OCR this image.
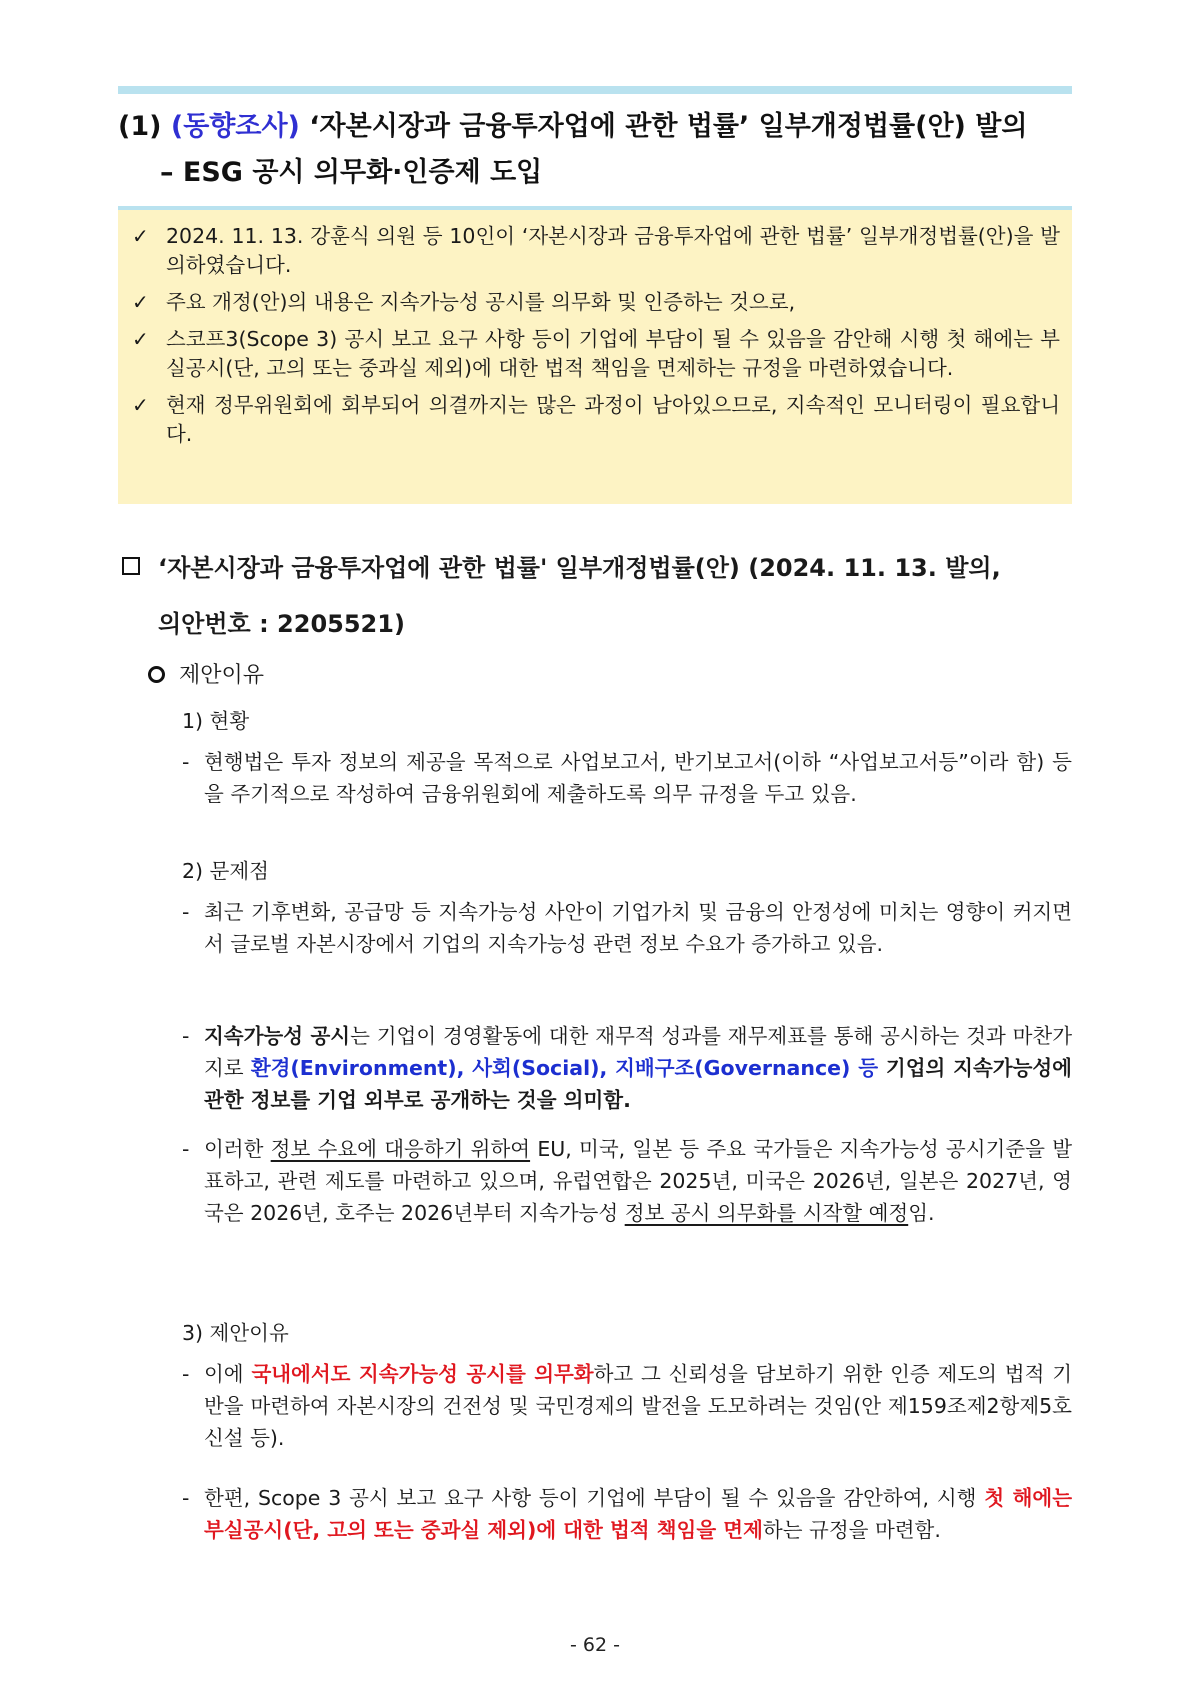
(1) (동향조사) ‘자본시장과 금융투자업에 관한 법률’ 일부개정법률(안) 발의
– ESG 공시 의무화·인증제 도입
✓ 2024. 11. 13. 강훈식 의원 등 10인이 ‘자본시장과 금융투자업에 관한 법률’ 일부개정법률(안)을 발의하였습니다.
✓ 주요 개정(안)의 내용은 지속가능성 공시를 의무화 및 인증하는 것으로,
✓ 스코프3(Scope 3) 공시 보고 요구 사항 등이 기업에 부담이 될 수 있음을 감안해 시행 첫 해에는 부실공시(단, 고의 또는 중과실 제외)에 대한 법적 책임을 면제하는 규정을 마련하였습니다.
✓ 현재 정무위원회에 회부되어 의결까지는 많은 과정이 남아있으므로, 지속적인 모니터링이 필요합니다.
‘자본시장과 금융투자업에 관한 법률' 일부개정법률(안) (2024. 11. 13. 발의,
의안번호 : 2205521)
제안이유
1) 현황
- 현행법은 투자 정보의 제공을 목적으로 사업보고서, 반기보고서(이하 “사업보고서등”이라 함) 등을 주기적으로 작성하여 금융위원회에 제출하도록 의무 규정을 두고 있음.
2) 문제점
- 최근 기후변화, 공급망 등 지속가능성 사안이 기업가치 및 금융의 안정성에 미치는 영향이 커지면서 글로벌 자본시장에서 기업의 지속가능성 관련 정보 수요가 증가하고 있음.
- 지속가능성 공시는 기업이 경영활동에 대한 재무적 성과를 재무제표를 통해 공시하는 것과 마찬가지로 환경(Environment), 사회(Social), 지배구조(Governance) 등 기업의 지속가능성에 관한 정보를 기업 외부로 공개하는 것을 의미함.
- 이러한 정보 수요에 대응하기 위하여 EU, 미국, 일본 등 주요 국가들은 지속가능성 공시기준을 발표하고, 관련 제도를 마련하고 있으며, 유럽연합은 2025년, 미국은 2026년, 일본은 2027년, 영국은 2026년, 호주는 2026년부터 지속가능성 정보 공시 의무화를 시작할 예정임.
3) 제안이유
- 이에 국내에서도 지속가능성 공시를 의무화하고 그 신뢰성을 담보하기 위한 인증 제도의 법적 기반을 마련하여 자본시장의 건전성 및 국민경제의 발전을 도모하려는 것임(안 제159조제2항제5호 신설 등).
- 한편, Scope 3 공시 보고 요구 사항 등이 기업에 부담이 될 수 있음을 감안하여, 시행 첫 해에는 부실공시(단, 고의 또는 중과실 제외)에 대한 법적 책임을 면제하는 규정을 마련함.
- 62 -
